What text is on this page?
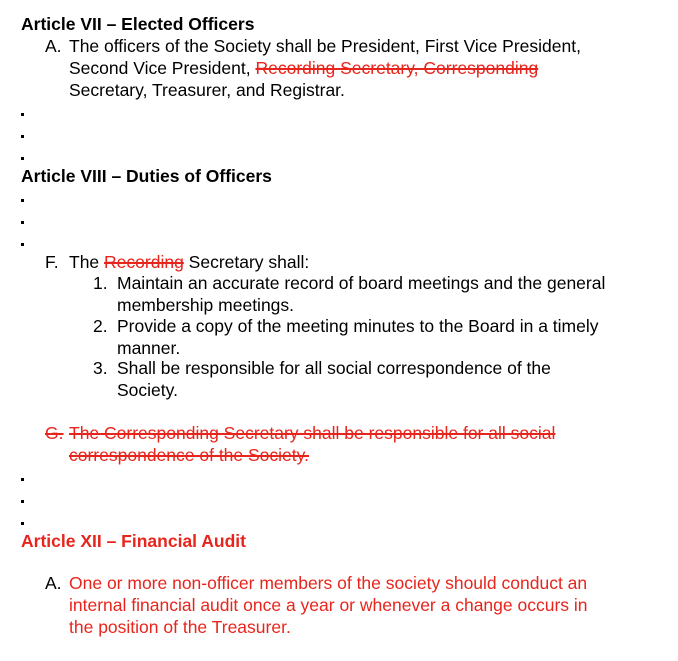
Article VII – Elected Officers
A. The officers of the Society shall be President, First Vice President,
Second Vice President, Recording Secretary, Corresponding
Secretary, Treasurer, and Registrar.
Article VIII – Duties of Officers
F. The Recording Secretary shall:
1. Maintain an accurate record of board meetings and the general
membership meetings.
2. Provide a copy of the meeting minutes to the Board in a timely
manner.
3. Shall be responsible for all social correspondence of the
Society.
G. The Corresponding Secretary shall be responsible for all social
correspondence of the Society.
Article XII – Financial Audit
A. One or more non-officer members of the society should conduct an
internal financial audit once a year or whenever a change occurs in
the position of the Treasurer.
